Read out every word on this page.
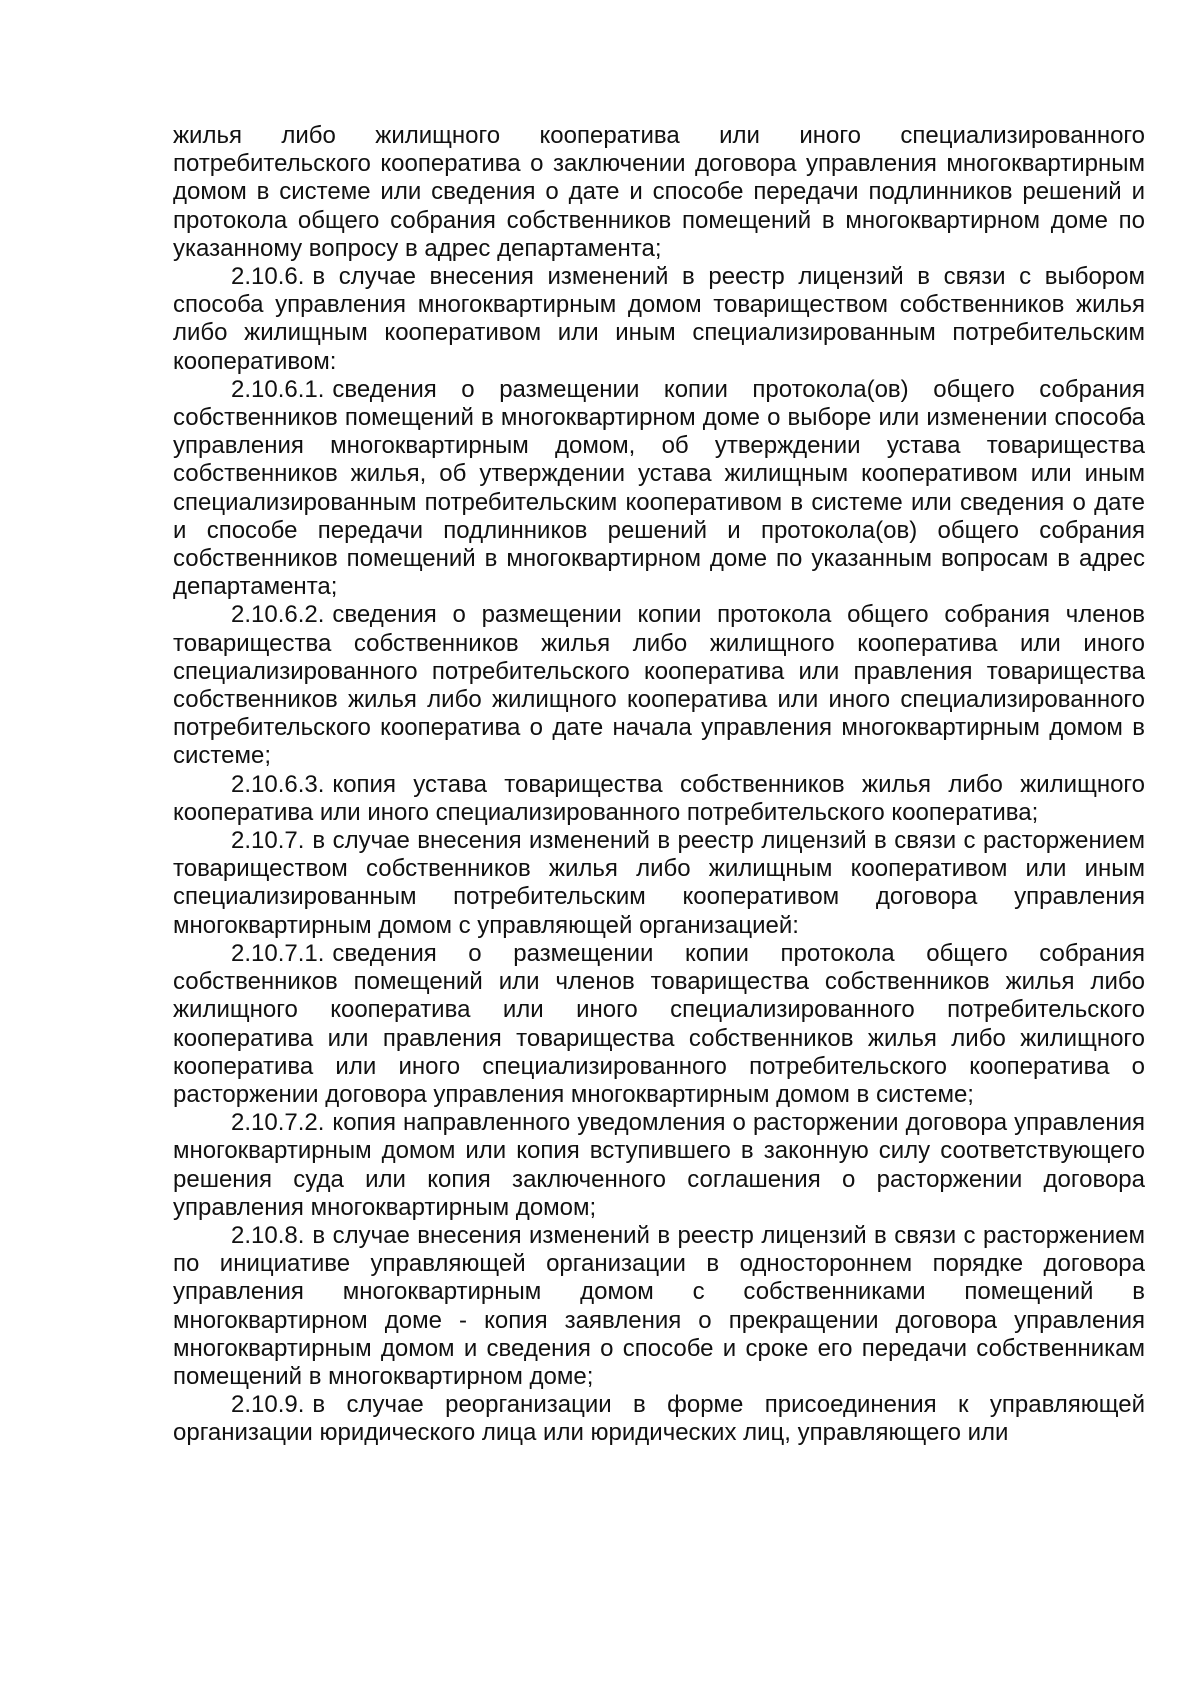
жилья либо жилищного кооператива или иного специализированного потребительского кооператива о заключении договора управления многоквартирным домом в системе или сведения о дате и способе передачи подлинников решений и протокола общего собрания собственников помещений в многоквартирном доме по указанному вопросу в адрес департамента;

2.10.6. в случае внесения изменений в реестр лицензий в связи с выбором способа управления многоквартирным домом товариществом собственников жилья либо жилищным кооперативом или иным специализированным потребительским кооперативом:

2.10.6.1. сведения о размещении копии протокола(ов) общего собрания собственников помещений в многоквартирном доме о выборе или изменении способа управления многоквартирным домом, об утверждении устава товарищества собственников жилья, об утверждении устава жилищным кооперативом или иным специализированным потребительским кооперативом в системе или сведения о дате и способе передачи подлинников решений и протокола(ов) общего собрания собственников помещений в многоквартирном доме по указанным вопросам в адрес департамента;

2.10.6.2. сведения о размещении копии протокола общего собрания членов товарищества собственников жилья либо жилищного кооператива или иного специализированного потребительского кооператива или правления товарищества собственников жилья либо жилищного кооператива или иного специализированного потребительского кооператива о дате начала управления многоквартирным домом в системе;

2.10.6.3. копия устава товарищества собственников жилья либо жилищного кооператива или иного специализированного потребительского кооператива;

2.10.7. в случае внесения изменений в реестр лицензий в связи с расторжением товариществом собственников жилья либо жилищным кооперативом или иным специализированным потребительским кооперативом договора управления многоквартирным домом с управляющей организацией:

2.10.7.1. сведения о размещении копии протокола общего собрания собственников помещений или членов товарищества собственников жилья либо жилищного кооператива или иного специализированного потребительского кооператива или правления товарищества собственников жилья либо жилищного кооператива или иного специализированного потребительского кооператива о расторжении договора управления многоквартирным домом в системе;

2.10.7.2. копия направленного уведомления о расторжении договора управления многоквартирным домом или копия вступившего в законную силу соответствующего решения суда или копия заключенного соглашения о расторжении договора управления многоквартирным домом;

2.10.8. в случае внесения изменений в реестр лицензий в связи с расторжением по инициативе управляющей организации в одностороннем порядке договора управления многоквартирным домом с собственниками помещений в многоквартирном доме - копия заявления о прекращении договора управления многоквартирным домом и сведения о способе и сроке его передачи собственникам помещений в многоквартирном доме;

2.10.9. в случае реорганизации в форме присоединения к управляющей организации юридического лица или юридических лиц, управляющего или
